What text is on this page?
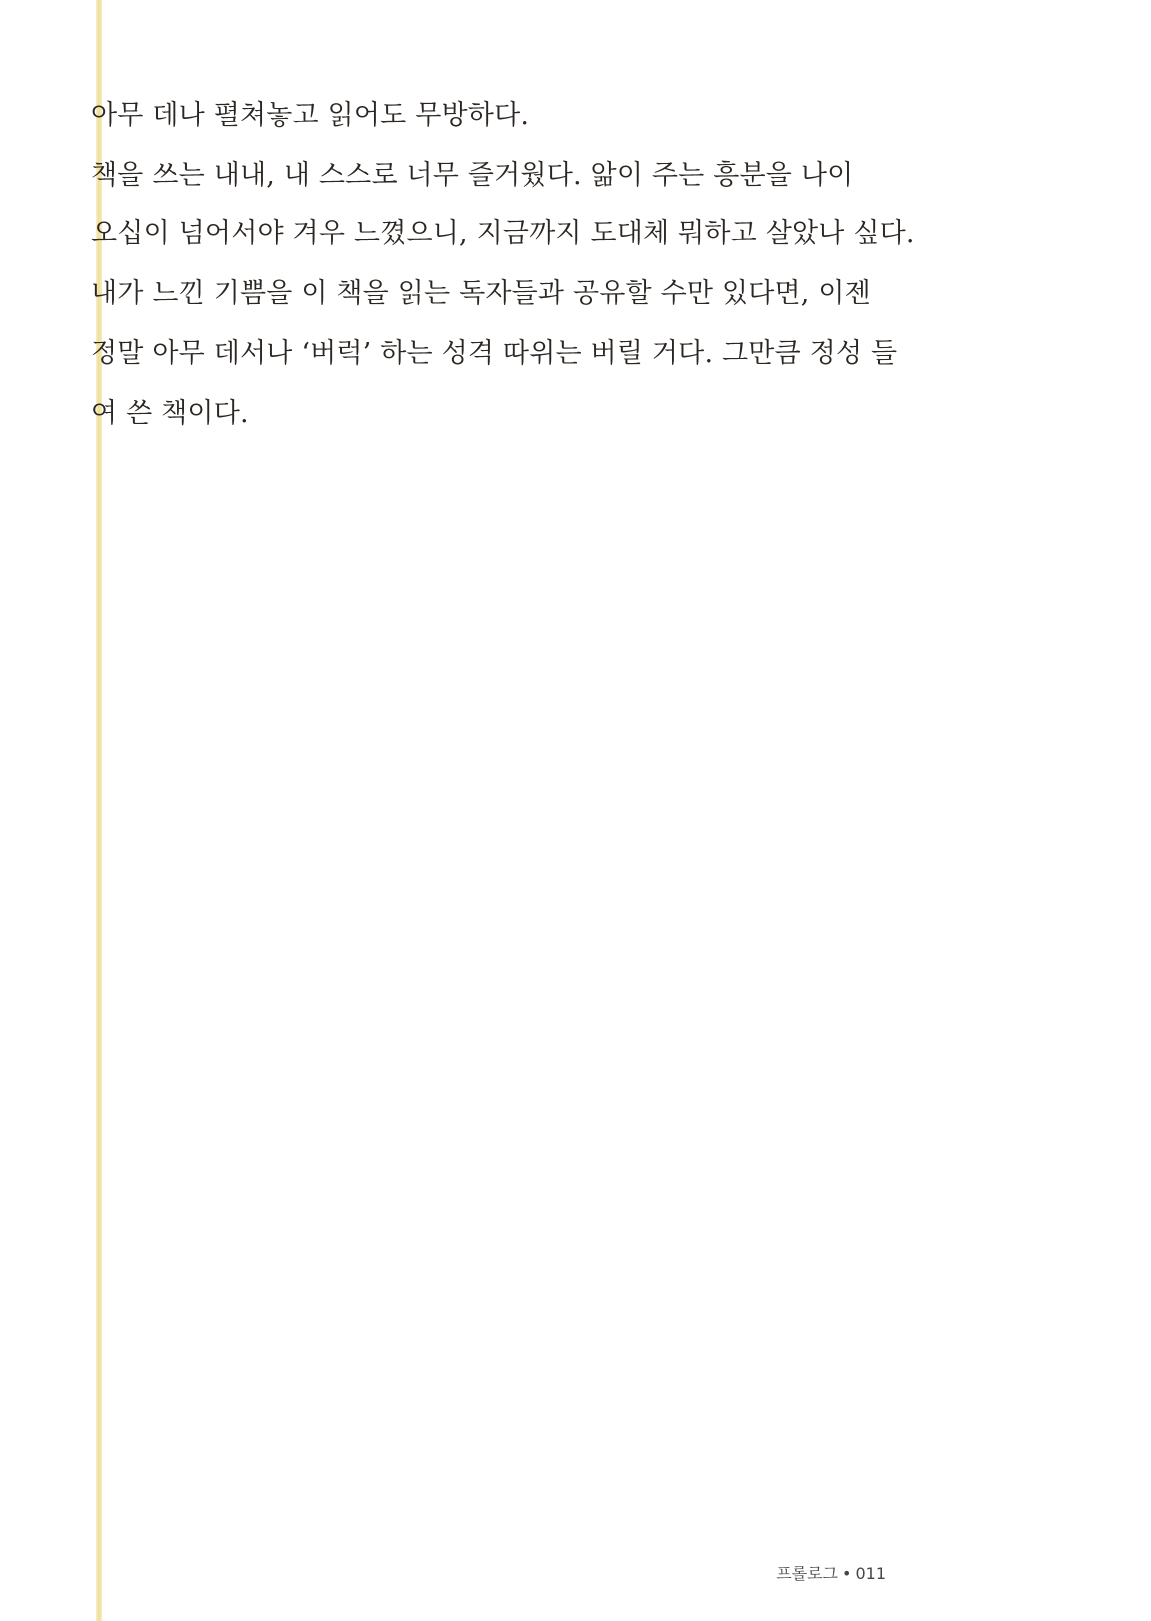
아무 데나 펼쳐놓고 읽어도 무방하다.
책을 쓰는 내내, 내 스스로 너무 즐거웠다. 앎이 주는 흥분을 나이
오십이 넘어서야 겨우 느꼈으니, 지금까지 도대체 뭐하고 살았나 싶다.
내가 느낀 기쁨을 이 책을 읽는 독자들과 공유할 수만 있다면, 이젠
정말 아무 데서나 ‘버럭’ 하는 성격 따위는 버릴 거다. 그만큼 정성 들
여 쓴 책이다.
프롤로그 • 011
